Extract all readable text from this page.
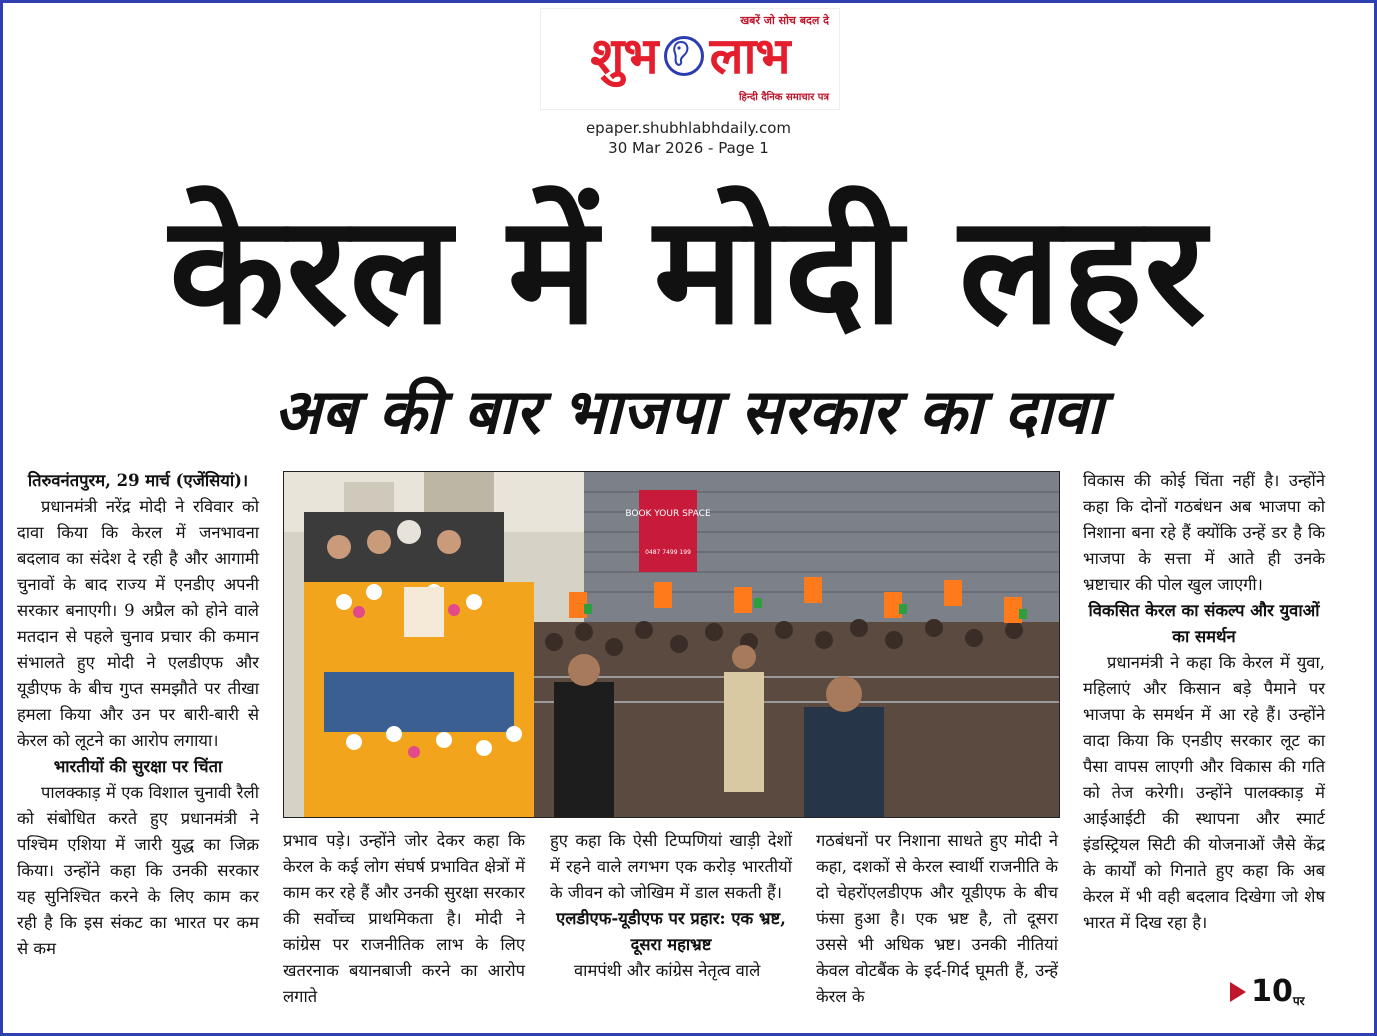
खबरें जो सोच बदल दे
शुभ लाभ
हिन्दी दैनिक समाचार पत्र
epaper.shubhlabhdaily.com
30 Mar 2026 - Page 1
केरल में मोदी लहर
अब की बार भाजपा सरकार का दावा

तिरुवनंतपुरम, 29 मार्च (एजेंसियां)।

प्रधानमंत्री नरेंद्र मोदी ने रविवार को दावा किया कि केरल में जनभावना बदलाव का संदेश दे रही है और आगामी चुनावों के बाद राज्य में एनडीए अपनी सरकार बनाएगी। 9 अप्रैल को होने वाले मतदान से पहले चुनाव प्रचार की कमान संभालते हुए मोदी ने एलडीएफ और यूडीएफ के बीच गुप्त समझौते पर तीखा हमला किया और उन पर बारी-बारी से केरल को लूटने का आरोप लगाया।

भारतीयों की सुरक्षा पर चिंता

पालक्काड़ में एक विशाल चुनावी रैली को संबोधित करते हुए प्रधानमंत्री ने पश्चिम एशिया में जारी युद्ध का जिक्र किया। उन्होंने कहा कि उनकी सरकार यह सुनिश्चित करने के लिए काम कर रही है कि इस संकट का भारत पर कम से कम

BOOK YOUR SPACE
0487 7499 199

प्रभाव पड़े। उन्होंने जोर देकर कहा कि केरल के कई लोग संघर्ष प्रभावित क्षेत्रों में काम कर रहे हैं और उनकी सुरक्षा सरकार की सर्वोच्च प्राथमिकता है। मोदी ने कांग्रेस पर राजनीतिक लाभ के लिए खतरनाक बयानबाजी करने का आरोप लगाते

हुए कहा कि ऐसी टिप्पणियां खाड़ी देशों में रहने वाले लगभग एक करोड़ भारतीयों के जीवन को जोखिम में डाल सकती हैं।

एलडीएफ-यूडीएफ पर प्रहार: एक भ्रष्ट, दूसरा महाभ्रष्ट

वामपंथी और कांग्रेस नेतृत्व वाले

गठबंधनों पर निशाना साधते हुए मोदी ने कहा, दशकों से केरल स्वार्थी राजनीति के दो चेहरोंएलडीएफ और यूडीएफ के बीच फंसा हुआ है। एक भ्रष्ट है, तो दूसरा उससे भी अधिक भ्रष्ट। उनकी नीतियां केवल वोटबैंक के इर्द-गिर्द घूमती हैं, उन्हें केरल के

विकास की कोई चिंता नहीं है। उन्होंने कहा कि दोनों गठबंधन अब भाजपा को निशाना बना रहे हैं क्योंकि उन्हें डर है कि भाजपा के सत्ता में आते ही उनके भ्रष्टाचार की पोल खुल जाएगी।

विकसित केरल का संकल्प और युवाओं का समर्थन

प्रधानमंत्री ने कहा कि केरल में युवा, महिलाएं और किसान बड़े पैमाने पर भाजपा के समर्थन में आ रहे हैं। उन्होंने वादा किया कि एनडीए सरकार लूट का पैसा वापस लाएगी और विकास की गति को तेज करेगी। उन्होंने पालक्काड़ में आईआईटी की स्थापना और स्मार्ट इंडस्ट्रियल सिटी की योजनाओं जैसे केंद्र के कार्यों को गिनाते हुए कहा कि अब केरल में भी वही बदलाव दिखेगा जो शेष भारत में दिख रहा है।

10पर
